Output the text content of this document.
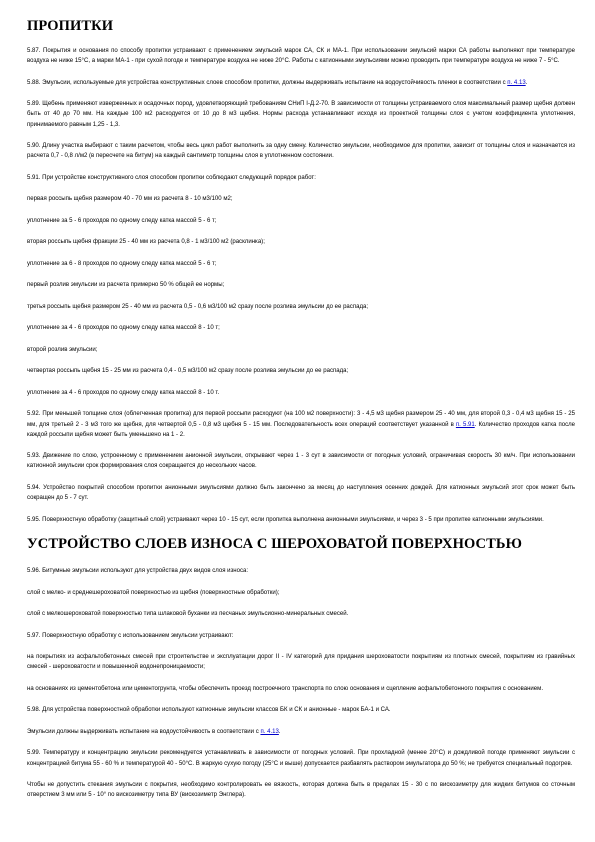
ПРОПИТКИ

5.87. Покрытия и основания по способу пропитки устраивают с применением эмульсий марок СА, СК и МА-1. При использовании эмульсий марки СА работы выполняют при температуре воздуха не ниже 15°С, а марки МА-1 - при сухой погоде и температуре воздуха не ниже 20°С. Работы с катионными эмульсиями можно проводить при температуре воздуха не ниже 7 - 5°С.

5.88. Эмульсии, используемые для устройства конструктивных слоев способом пропитки, должны выдерживать испытание на водоустойчивость пленки в соответствии с п. 4.13.

5.89. Щебень применяют изверженных и осадочных пород, удовлетворяющий требованиям СНиП I-Д.2-70. В зависимости от толщины устраиваемого слоя максимальный размер щебня должен быть от 40 до 70 мм. На каждые 100 м2 расходуется от 10 до 8 м3 щебня. Нормы расхода устанавливают исходя из проектной толщины слоя с учетом коэффициента уплотнения, принимаемого равным 1,25 - 1,3.

5.90. Длину участка выбирают с таким расчетом, чтобы весь цикл работ выполнить за одну смену. Количество эмульсии, необходимое для пропитки, зависит от толщины слоя и назначается из расчета 0,7 - 0,8 л/м2 (в пересчете на битум) на каждый сантиметр толщины слоя в уплотненном состоянии.

5.91. При устройстве конструктивного слоя способом пропитки соблюдают следующий порядок работ:

первая россыпь щебня размером 40 - 70 мм из расчета 8 - 10 м3/100 м2;

уплотнение за 5 - 6 проходов по одному следу катка массой 5 - 6 т;

вторая россыпь щебня фракции 25 - 40 мм из расчета 0,8 - 1 м3/100 м2 (расклинка);

уплотнение за 6 - 8 проходов по одному следу катка массой 5 - 6 т;

первый розлив эмульсии из расчета примерно 50 % общей ее нормы;

третья россыпь щебня размером 25 - 40 мм из расчета 0,5 - 0,6 м3/100 м2 сразу после розлива эмульсии до ее распада;

уплотнение за 4 - 6 проходов по одному следу катка массой 8 - 10 т;

второй розлив эмульсии;

четвертая россыпь щебня 15 - 25 мм из расчета 0,4 - 0,5 м3/100 м2 сразу после розлива эмульсии до ее распада;

уплотнение за 4 - 6 проходов по одному следу катка массой 8 - 10 т.

5.92. При меньшей толщине слоя (облегченная пропитка) для первой россыпи расходуют (на 100 м2 поверхности): 3 - 4,5 м3 щебня размером 25 - 40 мм, для второй 0,3 - 0,4 м3 щебня 15 - 25 мм, для третьей 2 - 3 м3 того же щебня, для четвертой 0,5 - 0,8 м3 щебня 5 - 15 мм. Последовательность всех операций соответствует указанной в п. 5.91. Количество проходов катка после каждой россыпи щебня может быть уменьшено на 1 - 2.

5.93. Движение по слою, устроенному с применением анионной эмульсии, открывают через 1 - 3 сут в зависимости от погодных условий, ограничивая скорость 30 км/ч. При использовании катионной эмульсии срок формирования слоя сокращается до нескольких часов.

5.94. Устройство покрытий способом пропитки анионными эмульсиями должно быть закончено за месяц до наступления осенних дождей. Для катионных эмульсий этот срок может быть сокращен до 5 - 7 сут.

5.95. Поверхностную обработку (защитный слой) устраивают через 10 - 15 сут, если пропитка выполнена анионными эмульсиями, и через 3 - 5 при пропитке катионными эмульсиями.

УСТРОЙСТВО СЛОЕВ ИЗНОСА С ШЕРОХОВАТОЙ ПОВЕРХНОСТЬЮ

5.96. Битумные эмульсии используют для устройства двух видов слоя износа:

слой с мелко- и среднешероховатой поверхностью из щебня (поверхностные обработки);

слой с мелкошероховатой поверхностью типа шлаковой буханки из песчаных эмульсионно-минеральных смесей.

5.97. Поверхностную обработку с использованием эмульсии устраивают:

на покрытиях из асфальтобетонных смесей при строительстве и эксплуатации дорог II - IV категорий для придания шероховатости покрытиям из плотных смесей, покрытиям из гравийных смесей - шероховатости и повышенной водонепроницаемости;

на основаниях из цементобетона или цементогрунта, чтобы обеспечить проезд построечного транспорта по слою основания и сцепление асфальтобетонного покрытия с основанием.

5.98. Для устройства поверхностной обработки используют катионные эмульсии классов БК и СК и анионные - марок БА-1 и СА.

Эмульсии должны выдерживать испытание на водоустойчивость в соответствии с п. 4.13.

5.99. Температуру и концентрацию эмульсии рекомендуется устанавливать в зависимости от погодных условий. При прохладной (менее 20°С) и дождливой погоде применяют эмульсии с концентрацией битума 55 - 60 % и температурой 40 - 50°С. В жаркую сухую погоду (25°С и выше) допускается разбавлять раствором эмульгатора до 50 %; не требуется специальный подогрев.

Чтобы не допустить стекания эмульсии с покрытия, необходимо контролировать ее вязкость, которая должна быть в пределах 15 - 30 с по вискозиметру для жидких битумов со сточным отверстием 3 мм или 5 - 10° по вискозиметру типа ВУ (вискозиметр Энглера).
